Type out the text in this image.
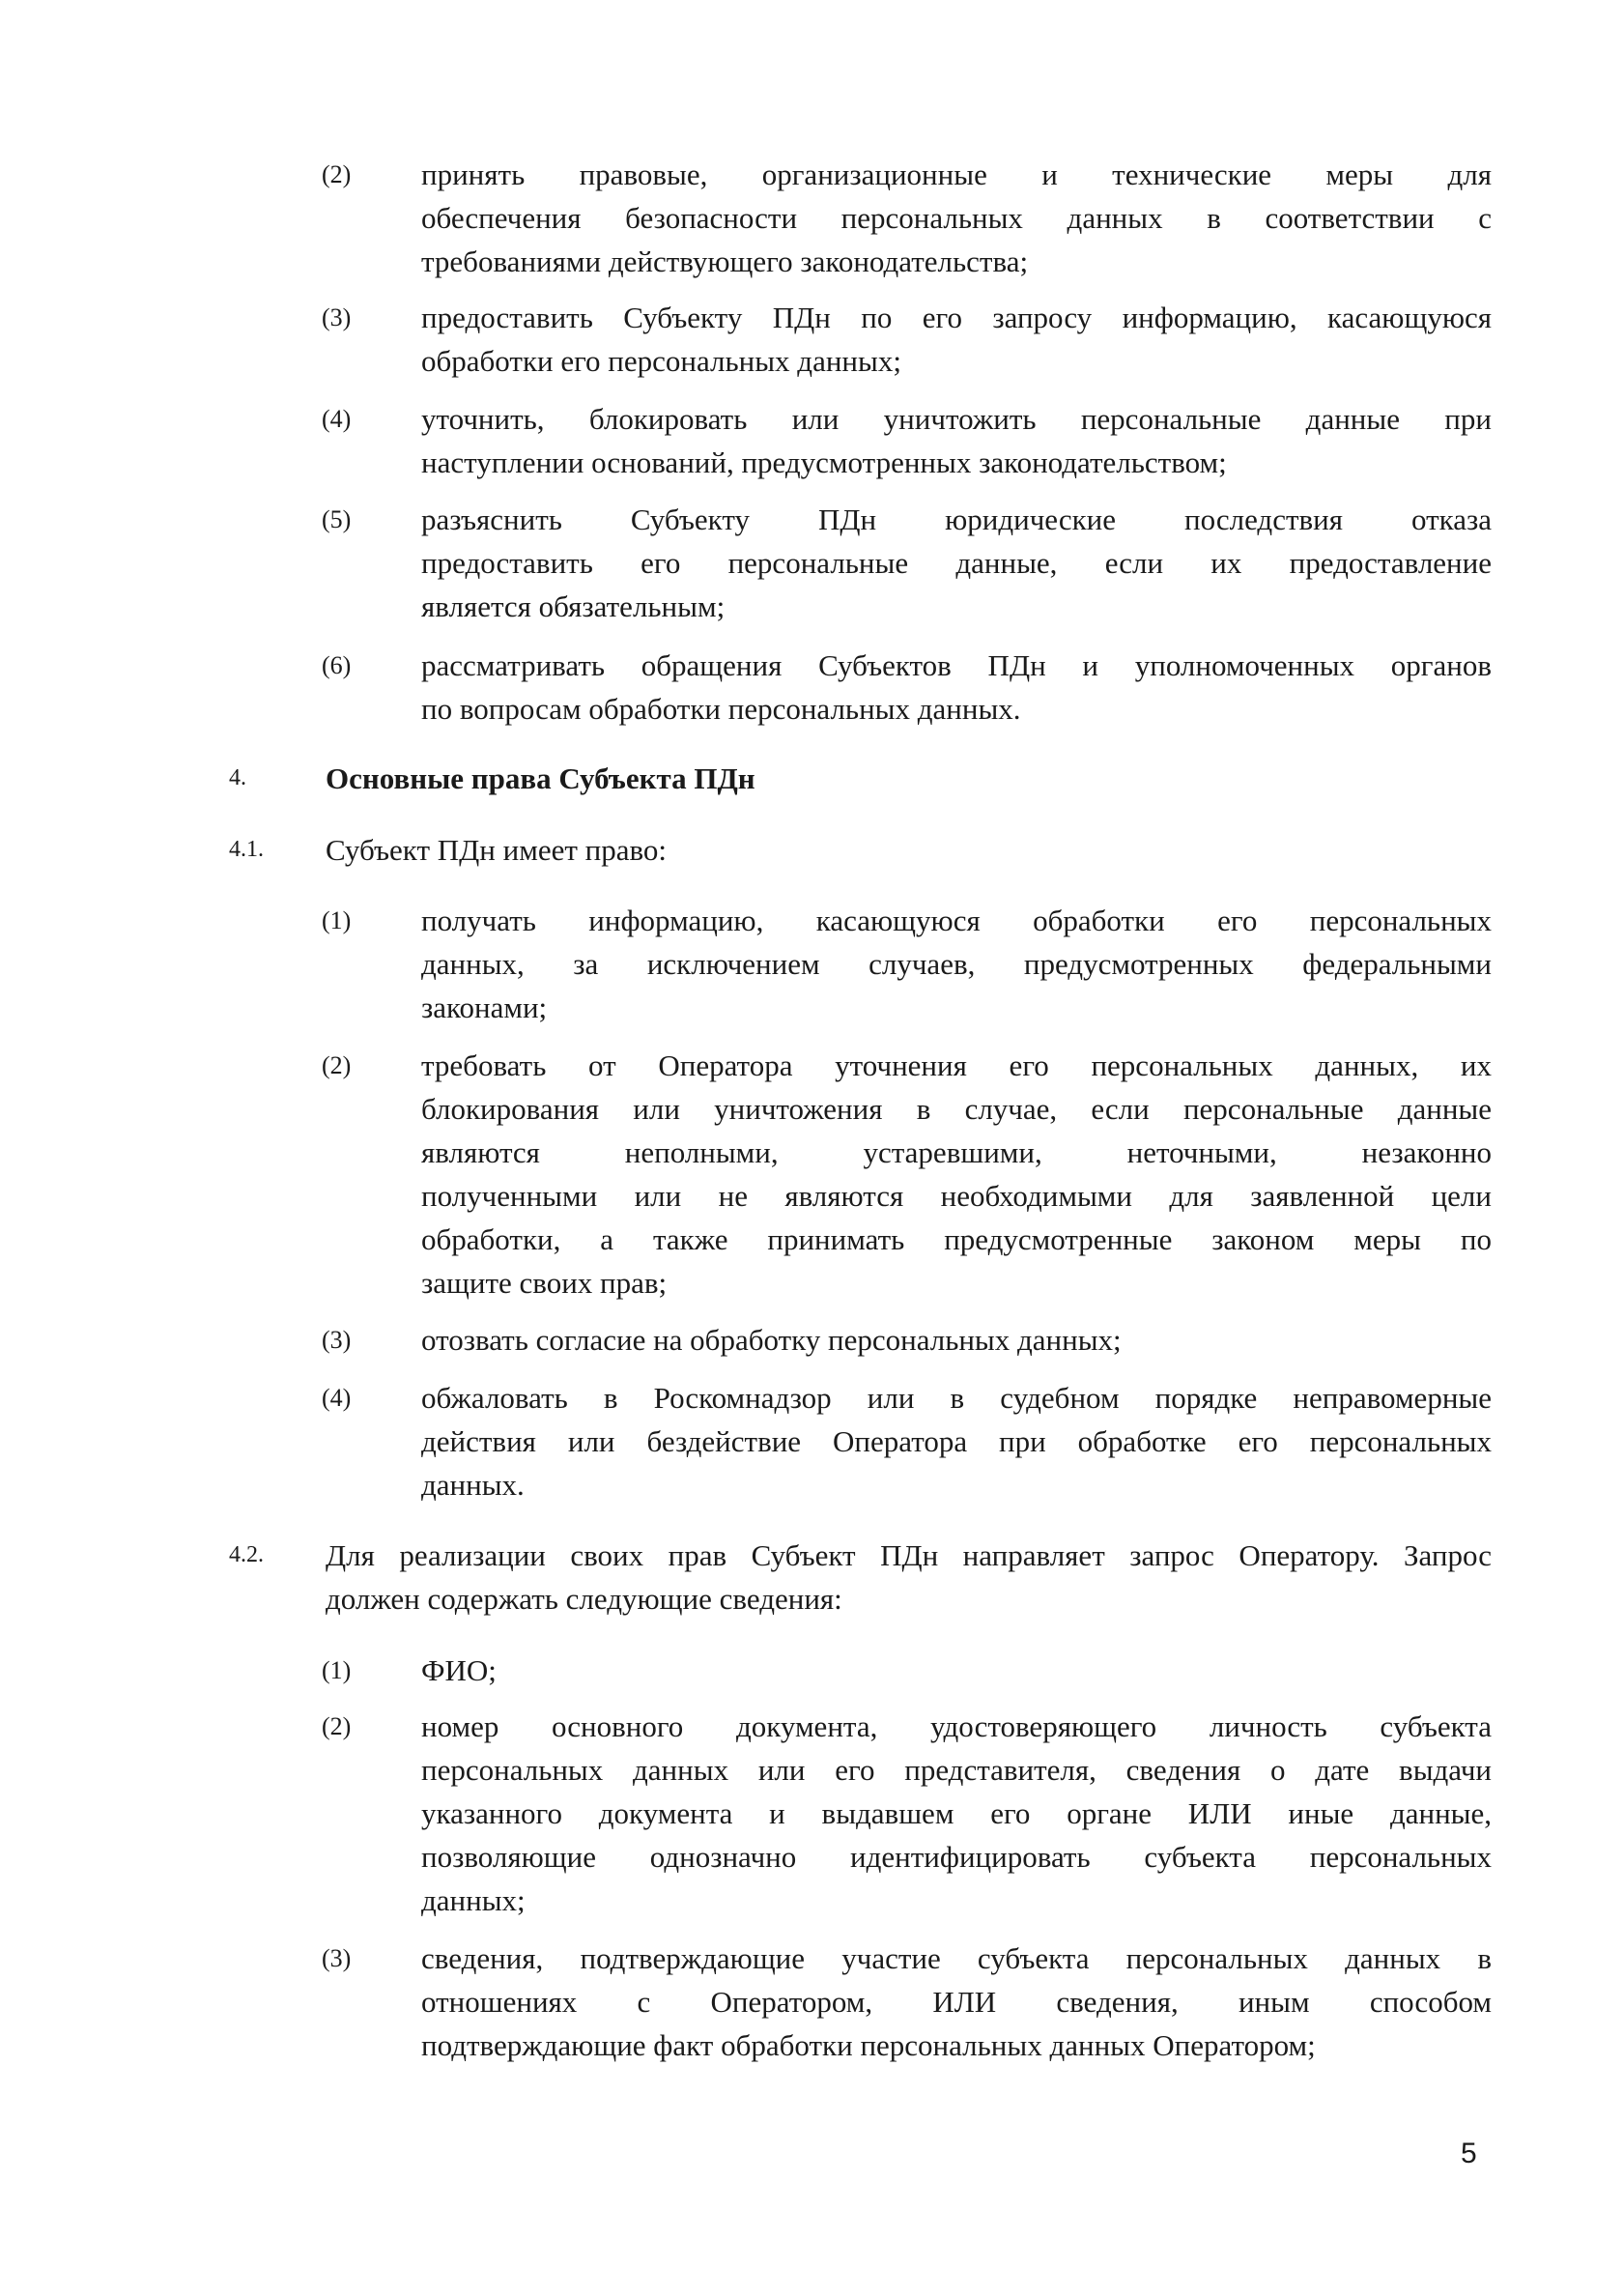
(2) принять правовые, организационные и технические меры для
обеспечения безопасности персональных данных в соответствии с
требованиями действующего законодательства;
(3) предоставить Субъекту ПДн по его запросу информацию, касающуюся
обработки его персональных данных;
(4) уточнить, блокировать или уничтожить персональные данные при
наступлении оснований, предусмотренных законодательством;
(5) разъяснить Субъекту ПДн юридические последствия отказа
предоставить его персональные данные, если их предоставление
является обязательным;
(6) рассматривать обращения Субъектов ПДн и уполномоченных органов
по вопросам обработки персональных данных.
4.	Основные права Субъекта ПДн
4.1. Субъект ПДн имеет право:
(1) получать информацию, касающуюся обработки его персональных
данных, за исключением случаев, предусмотренных федеральными
законами;
(2) требовать от Оператора уточнения его персональных данных, их
блокирования или уничтожения в случае, если персональные данные
являются неполными, устаревшими, неточными, незаконно
полученными или не являются необходимыми для заявленной цели
обработки, а также принимать предусмотренные законом меры по
защите своих прав;
(3) отозвать согласие на обработку персональных данных;
(4) обжаловать в Роскомнадзор или в судебном порядке неправомерные
действия или бездействие Оператора при обработке его персональных
данных.
4.2. Для реализации своих прав Субъект ПДн направляет запрос Оператору. Запрос
должен содержать следующие сведения:
(1) ФИО;
(2) номер основного документа, удостоверяющего личность субъекта
персональных данных или его представителя, сведения о дате выдачи
указанного документа и выдавшем его органе ИЛИ иные данные,
позволяющие однозначно идентифицировать субъекта персональных
данных;
(3) сведения, подтверждающие участие субъекта персональных данных в
отношениях с Оператором, ИЛИ сведения, иным способом
подтверждающие факт обработки персональных данных Оператором;
5
